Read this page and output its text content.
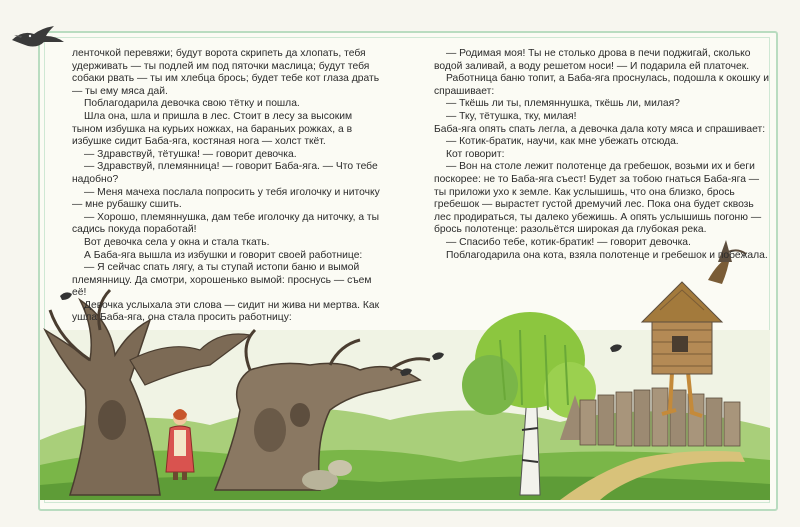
ленточкой перевяжи; будут ворота скрипеть да хлопать, тебя удерживать — ты подлей им под пяточки маслица; будут тебя собаки рвать — ты им хлебца брось; будет тебе кот глаза драть — ты ему мяса дай.

Поблагодарила девочка свою тётку и пошла.

Шла она, шла и пришла в лес. Стоит в лесу за высоким тыном избушка на курьих ножках, на бараньих рожках, а в избушке сидит Баба-яга, костяная нога — холст ткёт.

— Здравствуй, тётушка! — говорит девочка.

— Здравствуй, племянница! — говорит Баба-яга. — Что тебе надобно?

— Меня мачеха послала попросить у тебя иголочку и ниточку — мне рубашку сшить.

— Хорошо, племяннушка, дам тебе иголочку да ниточку, а ты садись покуда поработай!

Вот девочка села у окна и стала ткать.

А Баба-яга вышла из избушки и говорит своей работнице:

— Я сейчас спать лягу, а ты ступай истопи баню и вымой племянницу. Да смотри, хорошенько вымой: проснусь — съем её!

Девочка услыхала эти слова — сидит ни жива ни мертва. Как ушла Баба-яга, она стала просить работницу:

— Родимая моя! Ты не столько дрова в печи поджигай, сколько водой заливай, а воду решетом носи! — И подарила ей платочек.

Работница баню топит, а Баба-яга проснулась, подошла к окошку и спрашивает:

— Ткёшь ли ты, племяннушка, ткёшь ли, милая?

— Тку, тётушка, тку, милая!

Баба-яга опять спать легла, а девочка дала коту мяса и спрашивает:

— Котик-братик, научи, как мне убежать отсюда.

Кот говорит:

— Вон на столе лежит полотенце да гребешок, возьми их и беги поскорее: не то Баба-яга съест! Будет за тобою гнаться Баба-яга — ты приложи ухо к земле. Как услышишь, что она близко, брось гребешок — вырастет густой дремучий лес. Пока она будет сквозь лес продираться, ты далеко убежишь. А опять услышишь погоню — брось полотенце: разольётся широкая да глубокая река.

— Спасибо тебе, котик-братик! — говорит девочка.

Поблагодарила она кота, взяла полотенце и гребешок и побежала.
